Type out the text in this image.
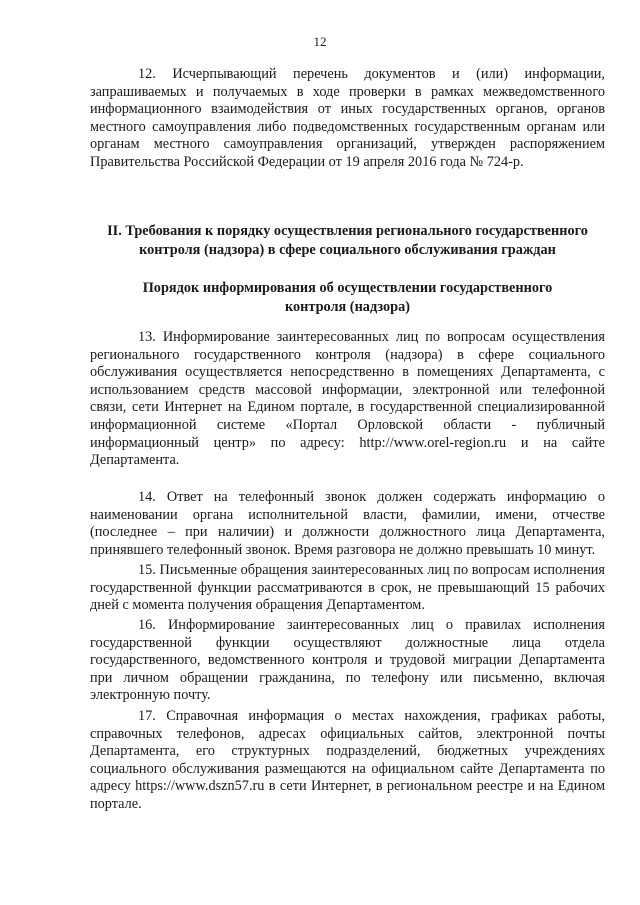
12

12. Исчерпывающий перечень документов и (или) информации, запрашиваемых и получаемых в ходе проверки в рамках межведомственного информационного взаимодействия от иных государственных органов, органов местного самоуправления либо подведомственных государственным органам или органам местного самоуправления организаций, утвержден распоряжением Правительства Российской Федерации от 19 апреля 2016 года № 724-р.

II. Требования к порядку осуществления регионального государственного контроля (надзора) в сфере социального обслуживания граждан

Порядок информирования об осуществлении государственного контроля (надзора)

13. Информирование заинтересованных лиц по вопросам осуществления регионального государственного контроля (надзора) в сфере социального обслуживания осуществляется непосредственно в помещениях Департамента, с использованием средств массовой информации, электронной или телефонной связи, сети Интернет на Едином портале, в государственной специализированной информационной системе «Портал Орловской области - публичный информационный центр» по адресу: http://www.orel-region.ru и на сайте Департамента.

14. Ответ на телефонный звонок должен содержать информацию о наименовании органа исполнительной власти, фамилии, имени, отчестве (последнее – при наличии) и должности должностного лица Департамента, принявшего телефонный звонок. Время разговора не должно превышать 10 минут.

15. Письменные обращения заинтересованных лиц по вопросам исполнения государственной функции рассматриваются в срок, не превышающий 15 рабочих дней с момента получения обращения Департаментом.

16. Информирование заинтересованных лиц о правилах исполнения государственной функции осуществляют должностные лица отдела государственного, ведомственного контроля и трудовой миграции Департамента при личном обращении гражданина, по телефону или письменно, включая электронную почту.

17. Справочная информация о местах нахождения, графиках работы, справочных телефонов, адресах официальных сайтов, электронной почты Департамента, его структурных подразделений, бюджетных учреждениях социального обслуживания размещаются на официальном сайте Департамента по адресу https://www.dszn57.ru в сети Интернет, в региональном реестре и на Едином портале.
